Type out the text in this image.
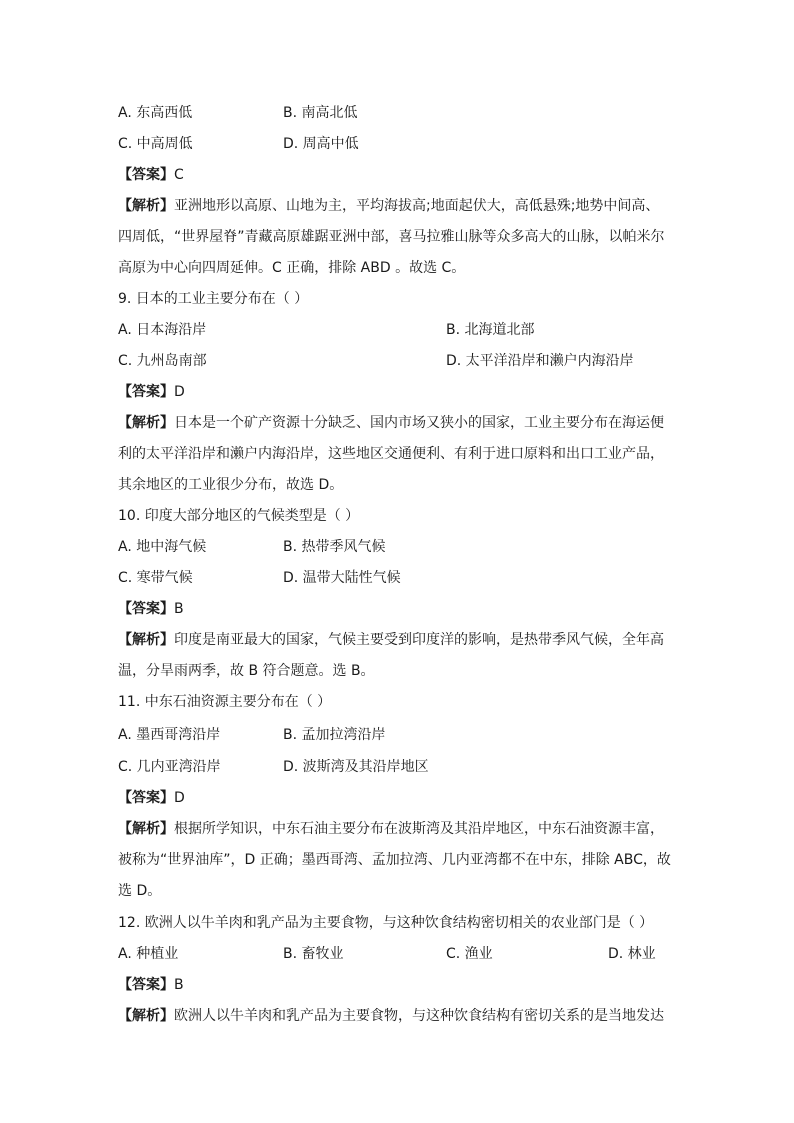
A. 东高西低	B. 南高北低
C. 中高周低	D. 周高中低
【答案】C
【解析】亚洲地形以高原、山地为主，平均海拔高;地面起伏大，高低悬殊;地势中间高、
四周低，“世界屋脊”青藏高原雄踞亚洲中部，喜马拉雅山脉等众多高大的山脉，以帕米尔
高原为中心向四周延伸。C 正确，排除 ABD 。故选 C。
9. 日本的工业主要分布在（ ）
A. 日本海沿岸	B. 北海道北部
C. 九州岛南部	D. 太平洋沿岸和濑户内海沿岸
【答案】D
【解析】日本是一个矿产资源十分缺乏、国内市场又狭小的国家，工业主要分布在海运便
利的太平洋沿岸和濑户内海沿岸，这些地区交通便利、有利于进口原料和出口工业产品，
其余地区的工业很少分布，故选 D。
10. 印度大部分地区的气候类型是（ ）
A. 地中海气候	B. 热带季风气候
C. 寒带气候	D. 温带大陆性气候
【答案】B
【解析】印度是南亚最大的国家，气候主要受到印度洋的影响，是热带季风气候，全年高
温，分旱雨两季，故 B 符合题意。选 B。
11. 中东石油资源主要分布在（ ）
A. 墨西哥湾沿岸	B. 孟加拉湾沿岸
C. 几内亚湾沿岸	D. 波斯湾及其沿岸地区
【答案】D
【解析】根据所学知识，中东石油主要分布在波斯湾及其沿岸地区，中东石油资源丰富，
被称为“世界油库”，D 正确；墨西哥湾、孟加拉湾、几内亚湾都不在中东，排除 ABC，故
选 D。
12. 欧洲人以牛羊肉和乳产品为主要食物，与这种饮食结构密切相关的农业部门是（ ）
A. 种植业	B. 畜牧业	C. 渔业	D. 林业
【答案】B
【解析】欧洲人以牛羊肉和乳产品为主要食物，与这种饮食结构有密切关系的是当地发达
